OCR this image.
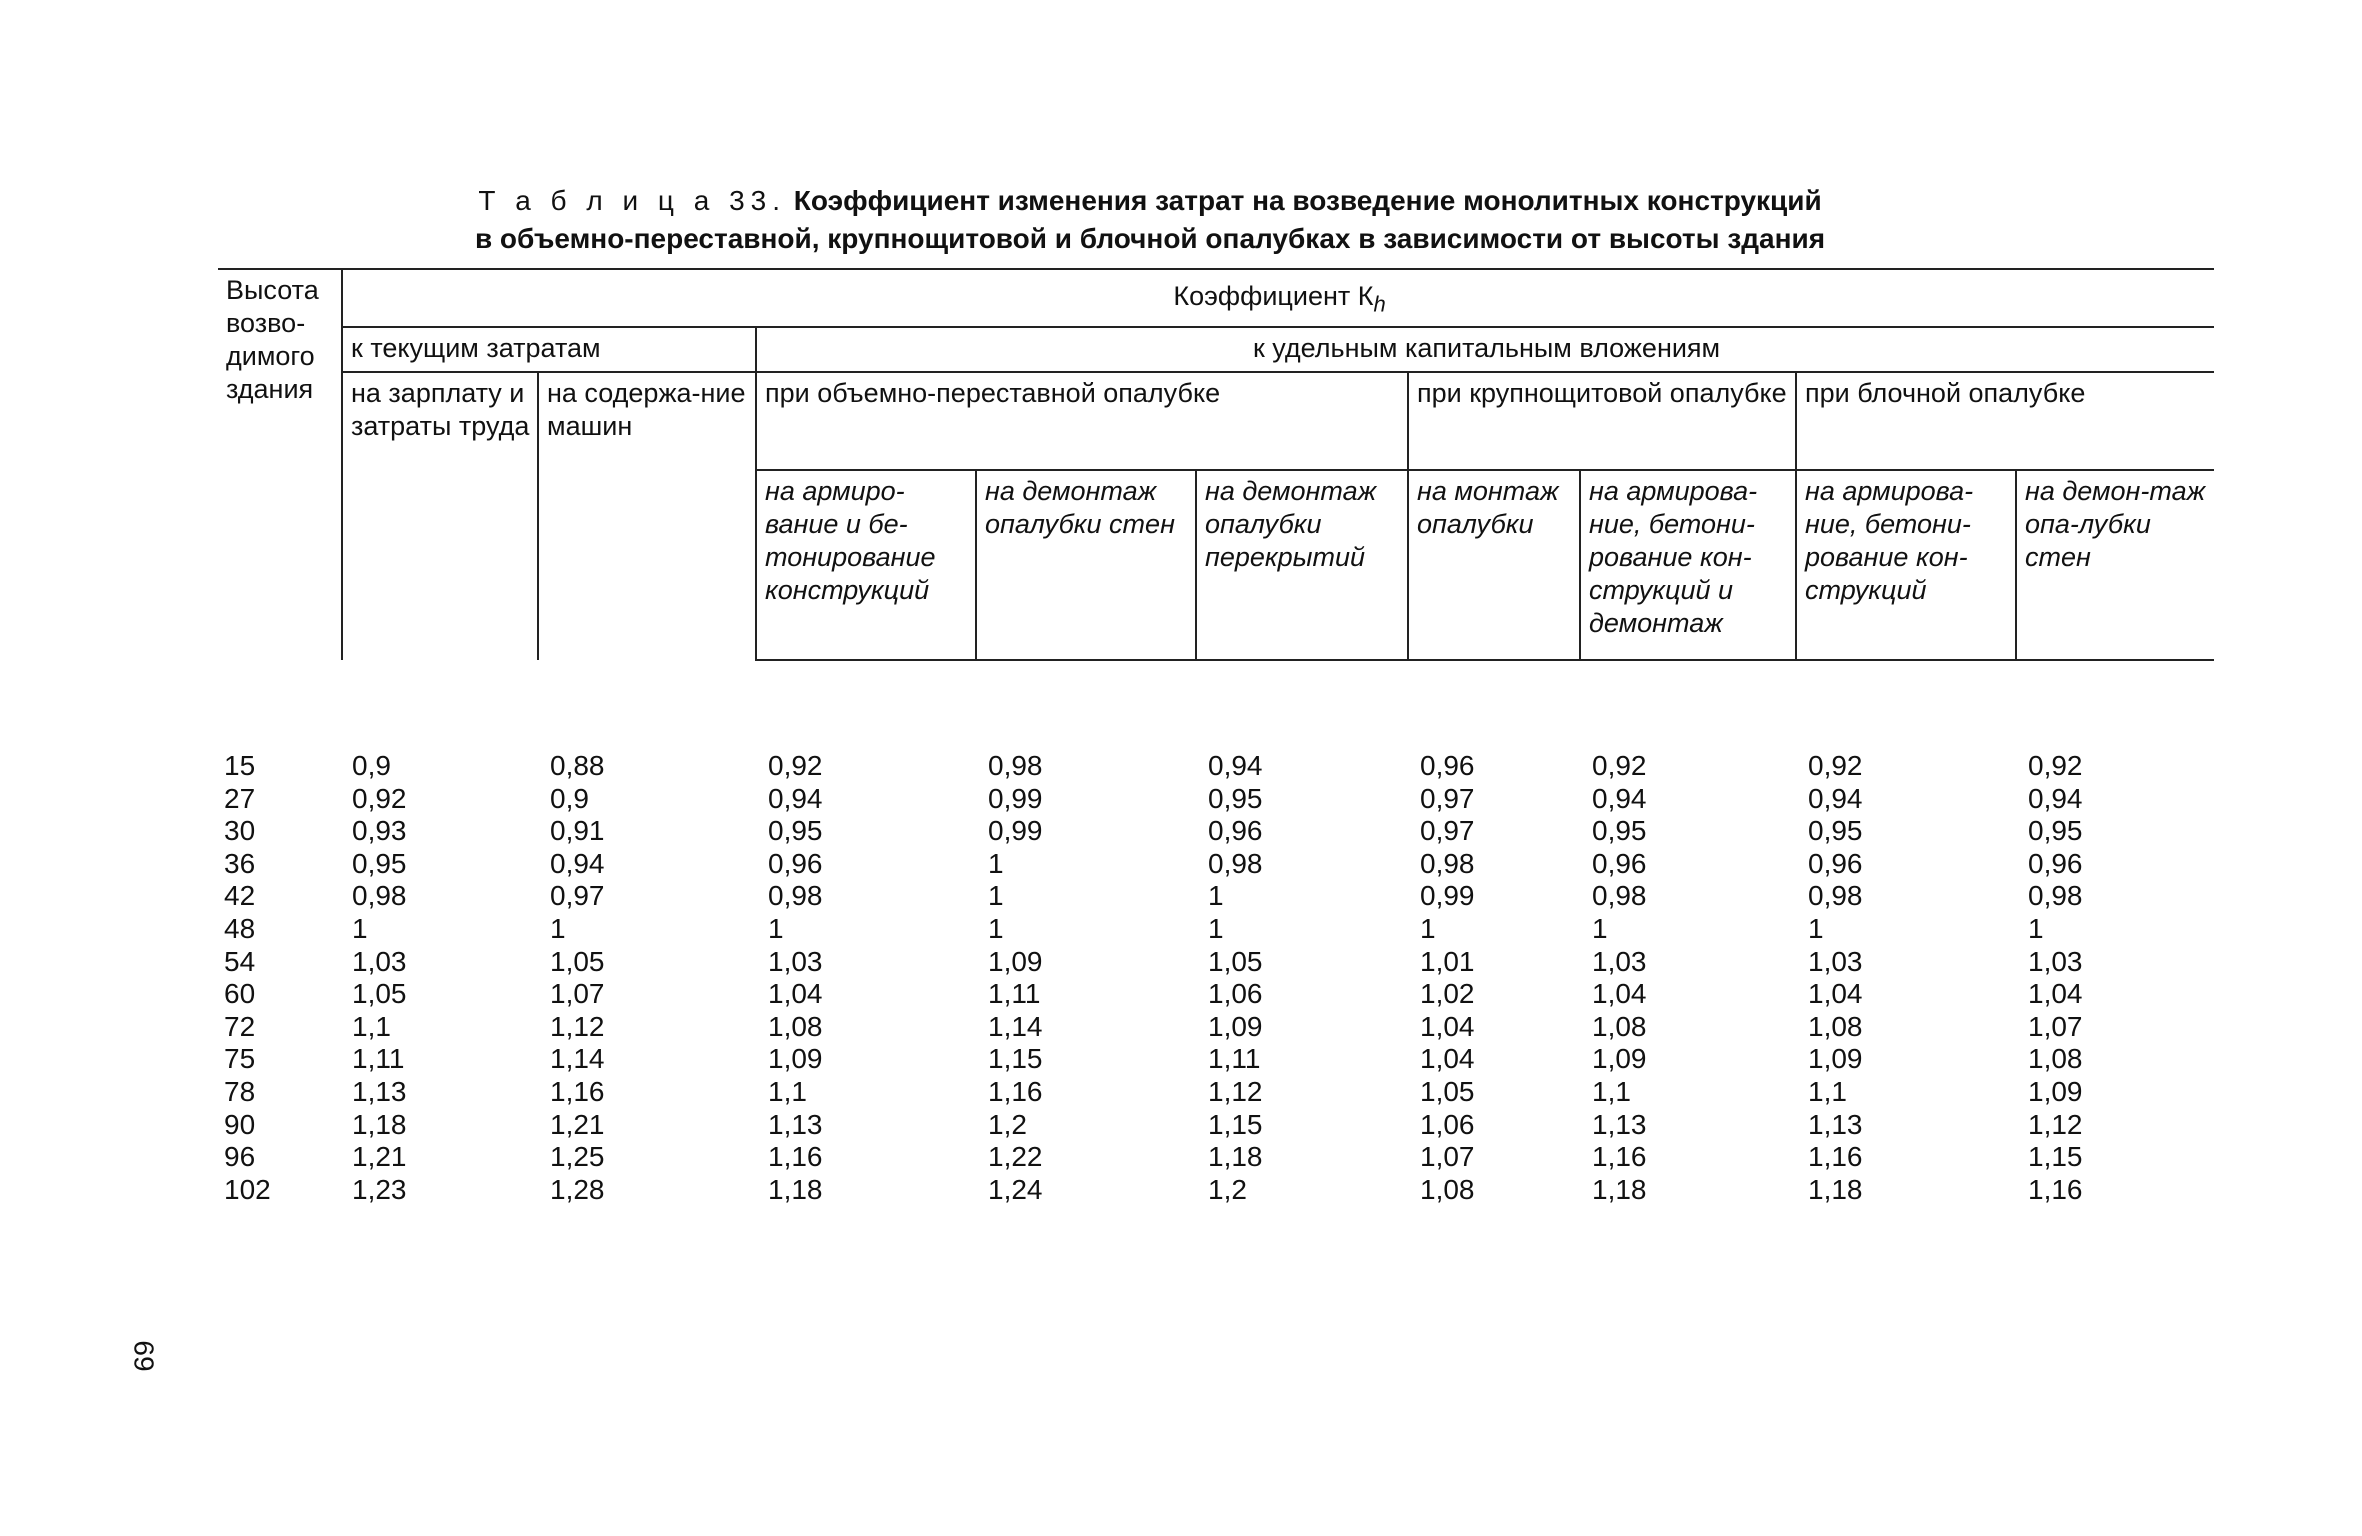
Т а б л и ц а 33. Коэффициент изменения затрат на возведение монолитных конструкций
в объемно-переставной, крупнощитовой и блочной опалубках в зависимости от высоты здания
Высота возво-димого здания	Коэффициент $К_h$
	к текущим затратам		к удельным капитальным вложениям						
	на зарплату и затраты труда	на содержа-ние машин	при объемно-переставной опалубке			при крупнощитовой опалубке		при блочной опалубке	
			на армиро-вание и бе-тонирование конструкций	на демонтаж опалубки стен	на демонтаж опалубки перекрытий	на монтаж опалубки	на армирова-ние, бетони-рование кон-струкций и демонтаж	на армирова-ние, бетони-рование кон-струкций	на демон-таж опа-лубки стен
15	0,9	0,88	0,92	0,98	0,94	0,96	0,92	0,92	0,92
27	0,92	0,9	0,94	0,99	0,95	0,97	0,94	0,94	0,94
30	0,93	0,91	0,95	0,99	0,96	0,97	0,95	0,95	0,95
36	0,95	0,94	0,96	1	0,98	0,98	0,96	0,96	0,96
42	0,98	0,97	0,98	1	1	0,99	0,98	0,98	0,98
48	1	1	1	1	1	1	1	1	1
54	1,03	1,05	1,03	1,09	1,05	1,01	1,03	1,03	1,03
60	1,05	1,07	1,04	1,11	1,06	1,02	1,04	1,04	1,04
72	1,1	1,12	1,08	1,14	1,09	1,04	1,08	1,08	1,07
75	1,11	1,14	1,09	1,15	1,11	1,04	1,09	1,09	1,08
78	1,13	1,16	1,1	1,16	1,12	1,05	1,1	1,1	1,09
90	1,18	1,21	1,13	1,2	1,15	1,06	1,13	1,13	1,12
96	1,21	1,25	1,16	1,22	1,18	1,07	1,16	1,16	1,15
102	1,23	1,28	1,18	1,24	1,2	1,08	1,18	1,18	1,16
69
